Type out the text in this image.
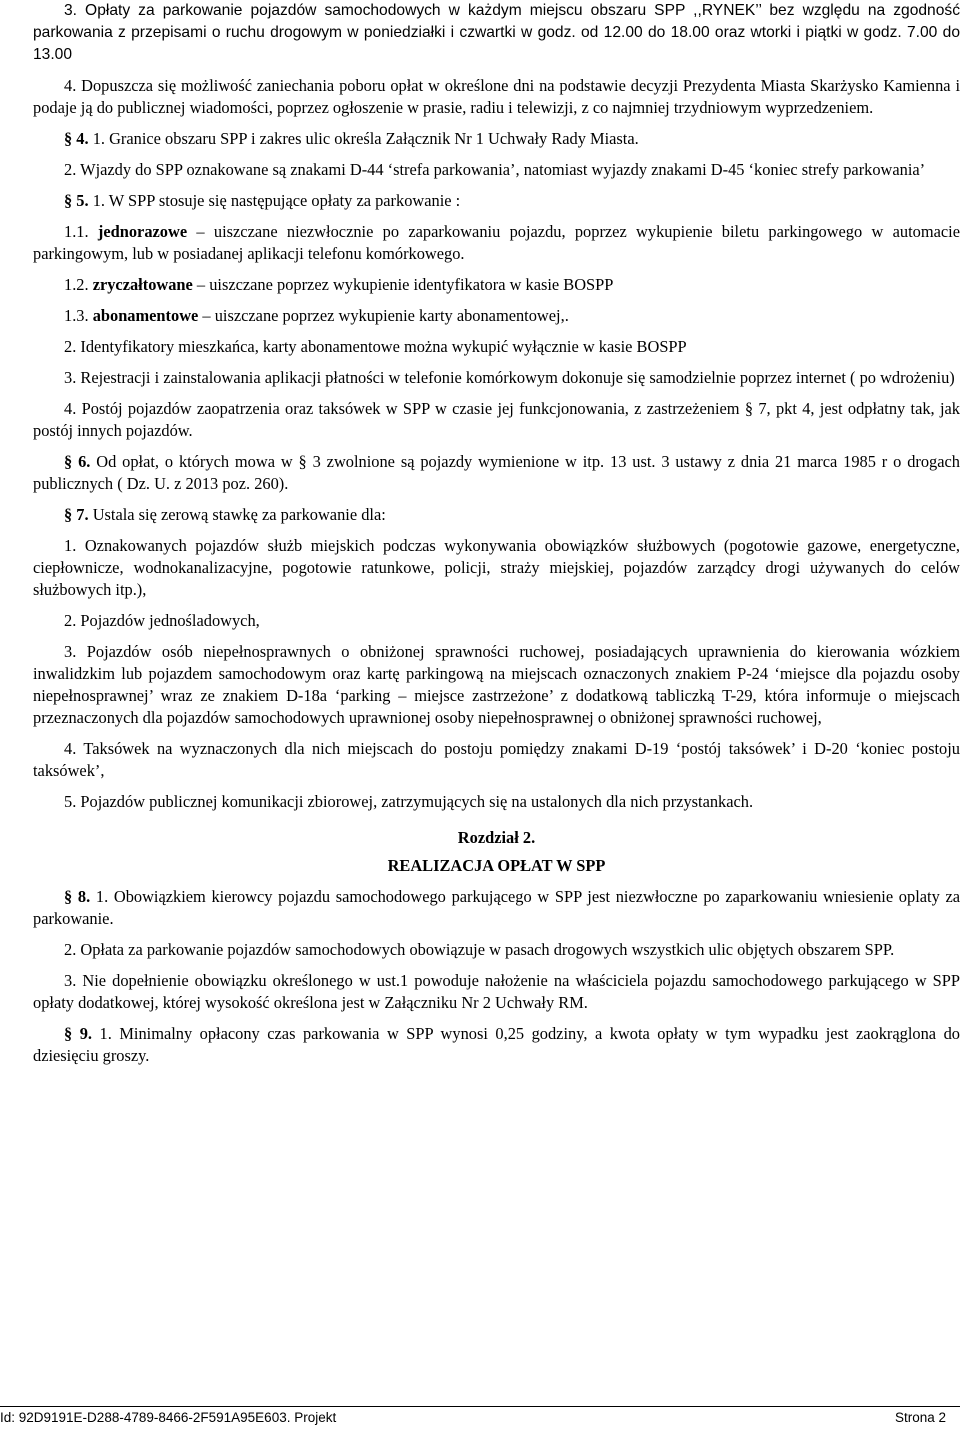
3. Opłaty za parkowanie pojazdów samochodowych w każdym miejscu obszaru SPP ,,RYNEK’’ bez względu na zgodność parkowania z przepisami o ruchu drogowym w poniedziałki i czwartki w godz. od 12.00 do 18.00 oraz wtorki i piątki w godz. 7.00 do 13.00

4. Dopuszcza się możliwość zaniechania poboru opłat w określone dni na podstawie decyzji Prezydenta Miasta Skarżysko Kamienna i podaje ją do publicznej wiadomości, poprzez ogłoszenie w prasie, radiu i telewizji, z co najmniej trzydniowym wyprzedzeniem.

§ 4. 1. Granice obszaru SPP i zakres ulic określa Załącznik Nr 1 Uchwały Rady Miasta.

2. Wjazdy do SPP oznakowane są znakami D-44 ‘strefa parkowania’, natomiast wyjazdy znakami D-45 ‘koniec strefy parkowania’

§ 5. 1. W SPP stosuje się następujące opłaty za parkowanie :

1.1. jednorazowe – uiszczane niezwłocznie po zaparkowaniu pojazdu, poprzez wykupienie biletu parkingowego w automacie parkingowym, lub w posiadanej aplikacji telefonu komórkowego.

1.2. zryczałtowane – uiszczane poprzez wykupienie identyfikatora w kasie BOSPP

1.3. abonamentowe – uiszczane poprzez wykupienie karty abonamentowej,.

2. Identyfikatory mieszkańca, karty abonamentowe można wykupić wyłącznie w kasie BOSPP

3. Rejestracji i zainstalowania aplikacji płatności w telefonie komórkowym dokonuje się samodzielnie poprzez internet ( po wdrożeniu)

4. Postój pojazdów zaopatrzenia oraz taksówek w SPP w czasie jej funkcjonowania, z zastrzeżeniem § 7, pkt 4, jest odpłatny tak, jak postój innych pojazdów.

§ 6. Od opłat, o których mowa w § 3 zwolnione są pojazdy wymienione w itp. 13 ust. 3 ustawy z dnia 21 marca 1985 r o drogach publicznych ( Dz. U. z 2013 poz. 260).

§ 7. Ustala się zerową stawkę za parkowanie dla:

1. Oznakowanych pojazdów służb miejskich podczas wykonywania obowiązków służbowych (pogotowie gazowe, energetyczne, ciepłownicze, wodnokanalizacyjne, pogotowie ratunkowe, policji, straży miejskiej, pojazdów zarządcy drogi używanych do celów służbowych itp.),

2. Pojazdów jednośladowych,

3. Pojazdów osób niepełnosprawnych o obniżonej sprawności ruchowej, posiadających uprawnienia do kierowania wózkiem inwalidzkim lub pojazdem samochodowym oraz kartę parkingową na miejscach oznaczonych znakiem P-24 ‘miejsce dla pojazdu osoby niepełnosprawnej’ wraz ze znakiem D-18a ‘parking – miejsce zastrzeżone’ z dodatkową tabliczką T-29, która informuje o miejscach przeznaczonych dla pojazdów samochodowych uprawnionej osoby niepełnosprawnej o obniżonej sprawności ruchowej,

4. Taksówek na wyznaczonych dla nich miejscach do postoju pomiędzy znakami D-19 ‘postój taksówek’ i D-20 ‘koniec postoju taksówek’,

5. Pojazdów publicznej komunikacji zbiorowej, zatrzymujących się na ustalonych dla nich przystankach.

Rozdział 2.

REALIZACJA OPŁAT W SPP

§ 8. 1. Obowiązkiem kierowcy pojazdu samochodowego parkującego w SPP jest niezwłoczne po zaparkowaniu wniesienie oplaty za parkowanie.

2. Opłata za parkowanie pojazdów samochodowych obowiązuje w pasach drogowych wszystkich ulic objętych obszarem SPP.

3. Nie dopełnienie obowiązku określonego w ust.1 powoduje nałożenie na właściciela pojazdu samochodowego parkującego w SPP opłaty dodatkowej, której wysokość określona jest w Załączniku Nr 2 Uchwały RM.

§ 9. 1. Minimalny opłacony czas parkowania w SPP wynosi 0,25 godziny, a kwota opłaty w tym wypadku jest zaokrąglona do dziesięciu groszy.

Id: 92D9191E-D288-4789-8466-2F591A95E603. Projekt	Strona 2
